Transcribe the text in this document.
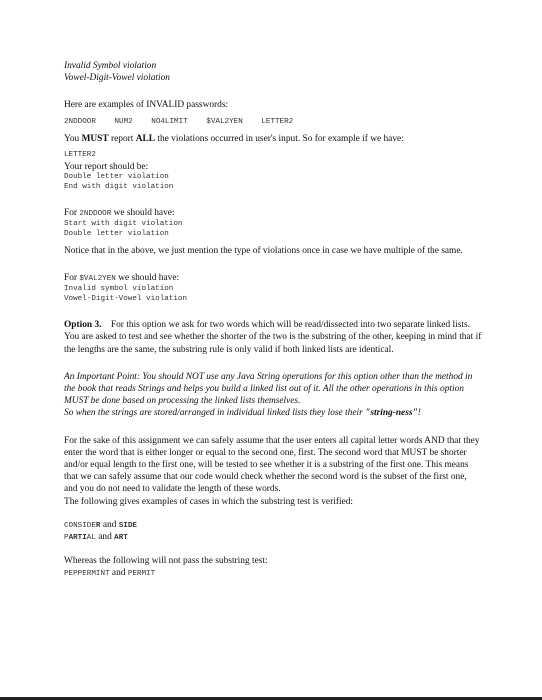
Invalid Symbol violation
Vowel-Digit-Vowel violation
Here are examples of INVALID passwords:
2NDDOOR NUM2 NO4LIMIT $VAL2YEN LETTER2
You MUST report ALL the violations occurred in user's input. So for example if we have:
LETTER2
Your report should be:
Double letter violation
End with digit violation
For 2NDDOOR we should have:
Start with digit violation
Double letter violation
Notice that in the above, we just mention the type of violations once in case we have multiple of the same.
For $VAL2YEN we should have:
Invalid symbol violation
Vowel-Digit-Vowel violation
Option 3. For this option we ask for two words which will be read/dissected into two separate linked lists. You are asked to test and see whether the shorter of the two is the substring of the other, keeping in mind that if the lengths are the same, the substring rule is only valid if both linked lists are identical.
An Important Point: You should NOT use any Java String operations for this option other than the method in the book that reads Strings and helps you build a linked list out of it. All the other operations in this option MUST be done based on processing the linked lists themselves.
So when the strings are stored/arranged in individual linked lists they lose their "string-ness"!
For the sake of this assignment we can safely assume that the user enters all capital letter words AND that they enter the word that is either longer or equal to the second one, first. The second word that MUST be shorter and/or equal length to the first one, will be tested to see whether it is a substring of the first one. This means that we can safely assume that our code would check whether the second word is the subset of the first one, and you do not need to validate the length of these words.
The following gives examples of cases in which the substring test is verified:
CONSIDER and SIDE
PARTIAL and ART
Whereas the following will not pass the substring test:
PEPPERMINT and PERMIT
